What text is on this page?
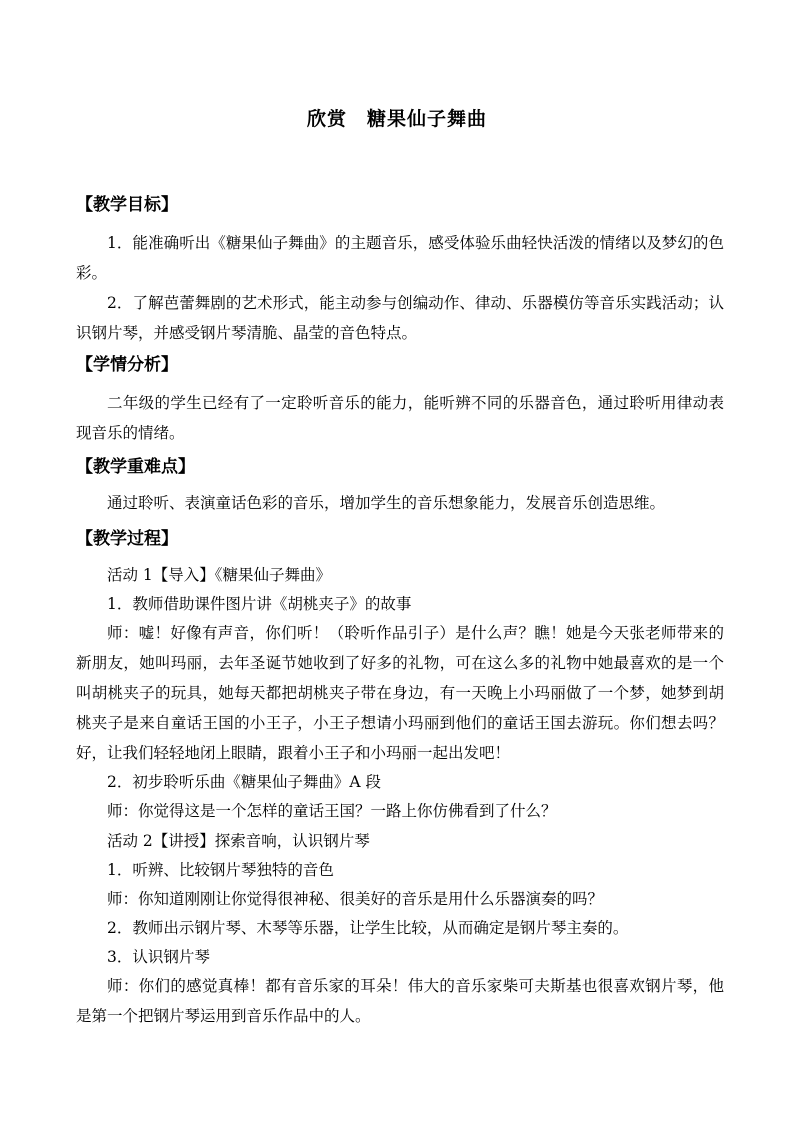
欣赏　糖果仙子舞曲
【教学目标】
1．能准确听出《糖果仙子舞曲》的主题音乐，感受体验乐曲轻快活泼的情绪以及梦幻的色彩。
2．了解芭蕾舞剧的艺术形式，能主动参与创编动作、律动、乐器模仿等音乐实践活动；认识钢片琴，并感受钢片琴清脆、晶莹的音色特点。
【学情分析】
二年级的学生已经有了一定聆听音乐的能力，能听辨不同的乐器音色，通过聆听用律动表现音乐的情绪。
【教学重难点】
通过聆听、表演童话色彩的音乐，增加学生的音乐想象能力，发展音乐创造思维。
【教学过程】
活动 1【导入】《糖果仙子舞曲》
1．教师借助课件图片讲《胡桃夹子》的故事
师：嘘！好像有声音，你们听！（聆听作品引子）是什么声？瞧！她是今天张老师带来的新朋友，她叫玛丽，去年圣诞节她收到了好多的礼物，可在这么多的礼物中她最喜欢的是一个叫胡桃夹子的玩具，她每天都把胡桃夹子带在身边，有一天晚上小玛丽做了一个梦，她梦到胡桃夹子是来自童话王国的小王子，小王子想请小玛丽到他们的童话王国去游玩。你们想去吗？好，让我们轻轻地闭上眼睛，跟着小王子和小玛丽一起出发吧！
2．初步聆听乐曲《糖果仙子舞曲》A 段
师：你觉得这是一个怎样的童话王国？一路上你仿佛看到了什么？
活动 2【讲授】探索音响，认识钢片琴
1．听辨、比较钢片琴独特的音色
师：你知道刚刚让你觉得很神秘、很美好的音乐是用什么乐器演奏的吗？
2．教师出示钢片琴、木琴等乐器，让学生比较，从而确定是钢片琴主奏的。
3．认识钢片琴
师：你们的感觉真棒！都有音乐家的耳朵！伟大的音乐家柴可夫斯基也很喜欢钢片琴，他是第一个把钢片琴运用到音乐作品中的人。
